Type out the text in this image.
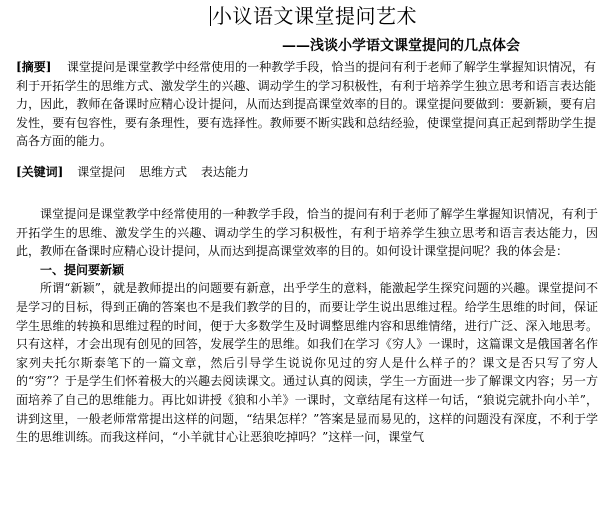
小议语文课堂提问艺术
——浅谈小学语文课堂提问的几点体会
[摘要] 课堂提问是课堂教学中经常使用的一种教学手段，恰当的提问有利于老师了解学生掌握知识情况，有利于开拓学生的思维方式、激发学生的兴趣、调动学生的学习积极性，有利于培养学生独立思考和语言表达能力，因此，教师在备课时应精心设计提问，从而达到提高课堂效率的目的。课堂提问要做到：要新颖，要有启发性，要有包容性，要有条理性，要有选择性。教师要不断实践和总结经验，使课堂提问真正起到帮助学生提高各方面的能力。
[关键词] 课堂提问 思维方式 表达能力

课堂提问是课堂教学中经常使用的一种教学手段，恰当的提问有利于老师了解学生掌握知识情况，有利于开拓学生的思维、激发学生的兴趣、调动学生的学习积极性，有利于培养学生独立思考和语言表达能力，因此，教师在备课时应精心设计提问，从而达到提高课堂效率的目的。如何设计课堂提问呢？我的体会是：

一、提问要新颖

所谓“新颖”，就是教师提出的问题要有新意，出乎学生的意料，能激起学生探究问题的兴趣。课堂提问不是学习的目标，得到正确的答案也不是我们教学的目的，而要让学生说出思维过程。给学生思维的时间，保证学生思维的转换和思维过程的时间，便于大多数学生及时调整思维内容和思维情绪，进行广泛、深入地思考。只有这样，才会出现有创见的回答，发展学生的思维。如我们在学习《穷人》一课时，这篇课文是俄国著名作家列夫托尔斯泰笔下的一篇文章，然后引导学生说说你见过的穷人是什么样子的？课文是否只写了穷人的“穷”？于是学生们怀着极大的兴趣去阅读课文。通过认真的阅读，学生一方面进一步了解课文内容；另一方面培养了自己的思维能力。再比如讲授《狼和小羊》一课时，文章结尾有这样一句话，“狼说完就扑向小羊”，讲到这里，一般老师常常提出这样的问题，“结果怎样？”答案是显而易见的，这样的问题没有深度，不利于学生的思维训练。而我这样问，“小羊就甘心让恶狼吃掉吗？”这样一问，课堂气
